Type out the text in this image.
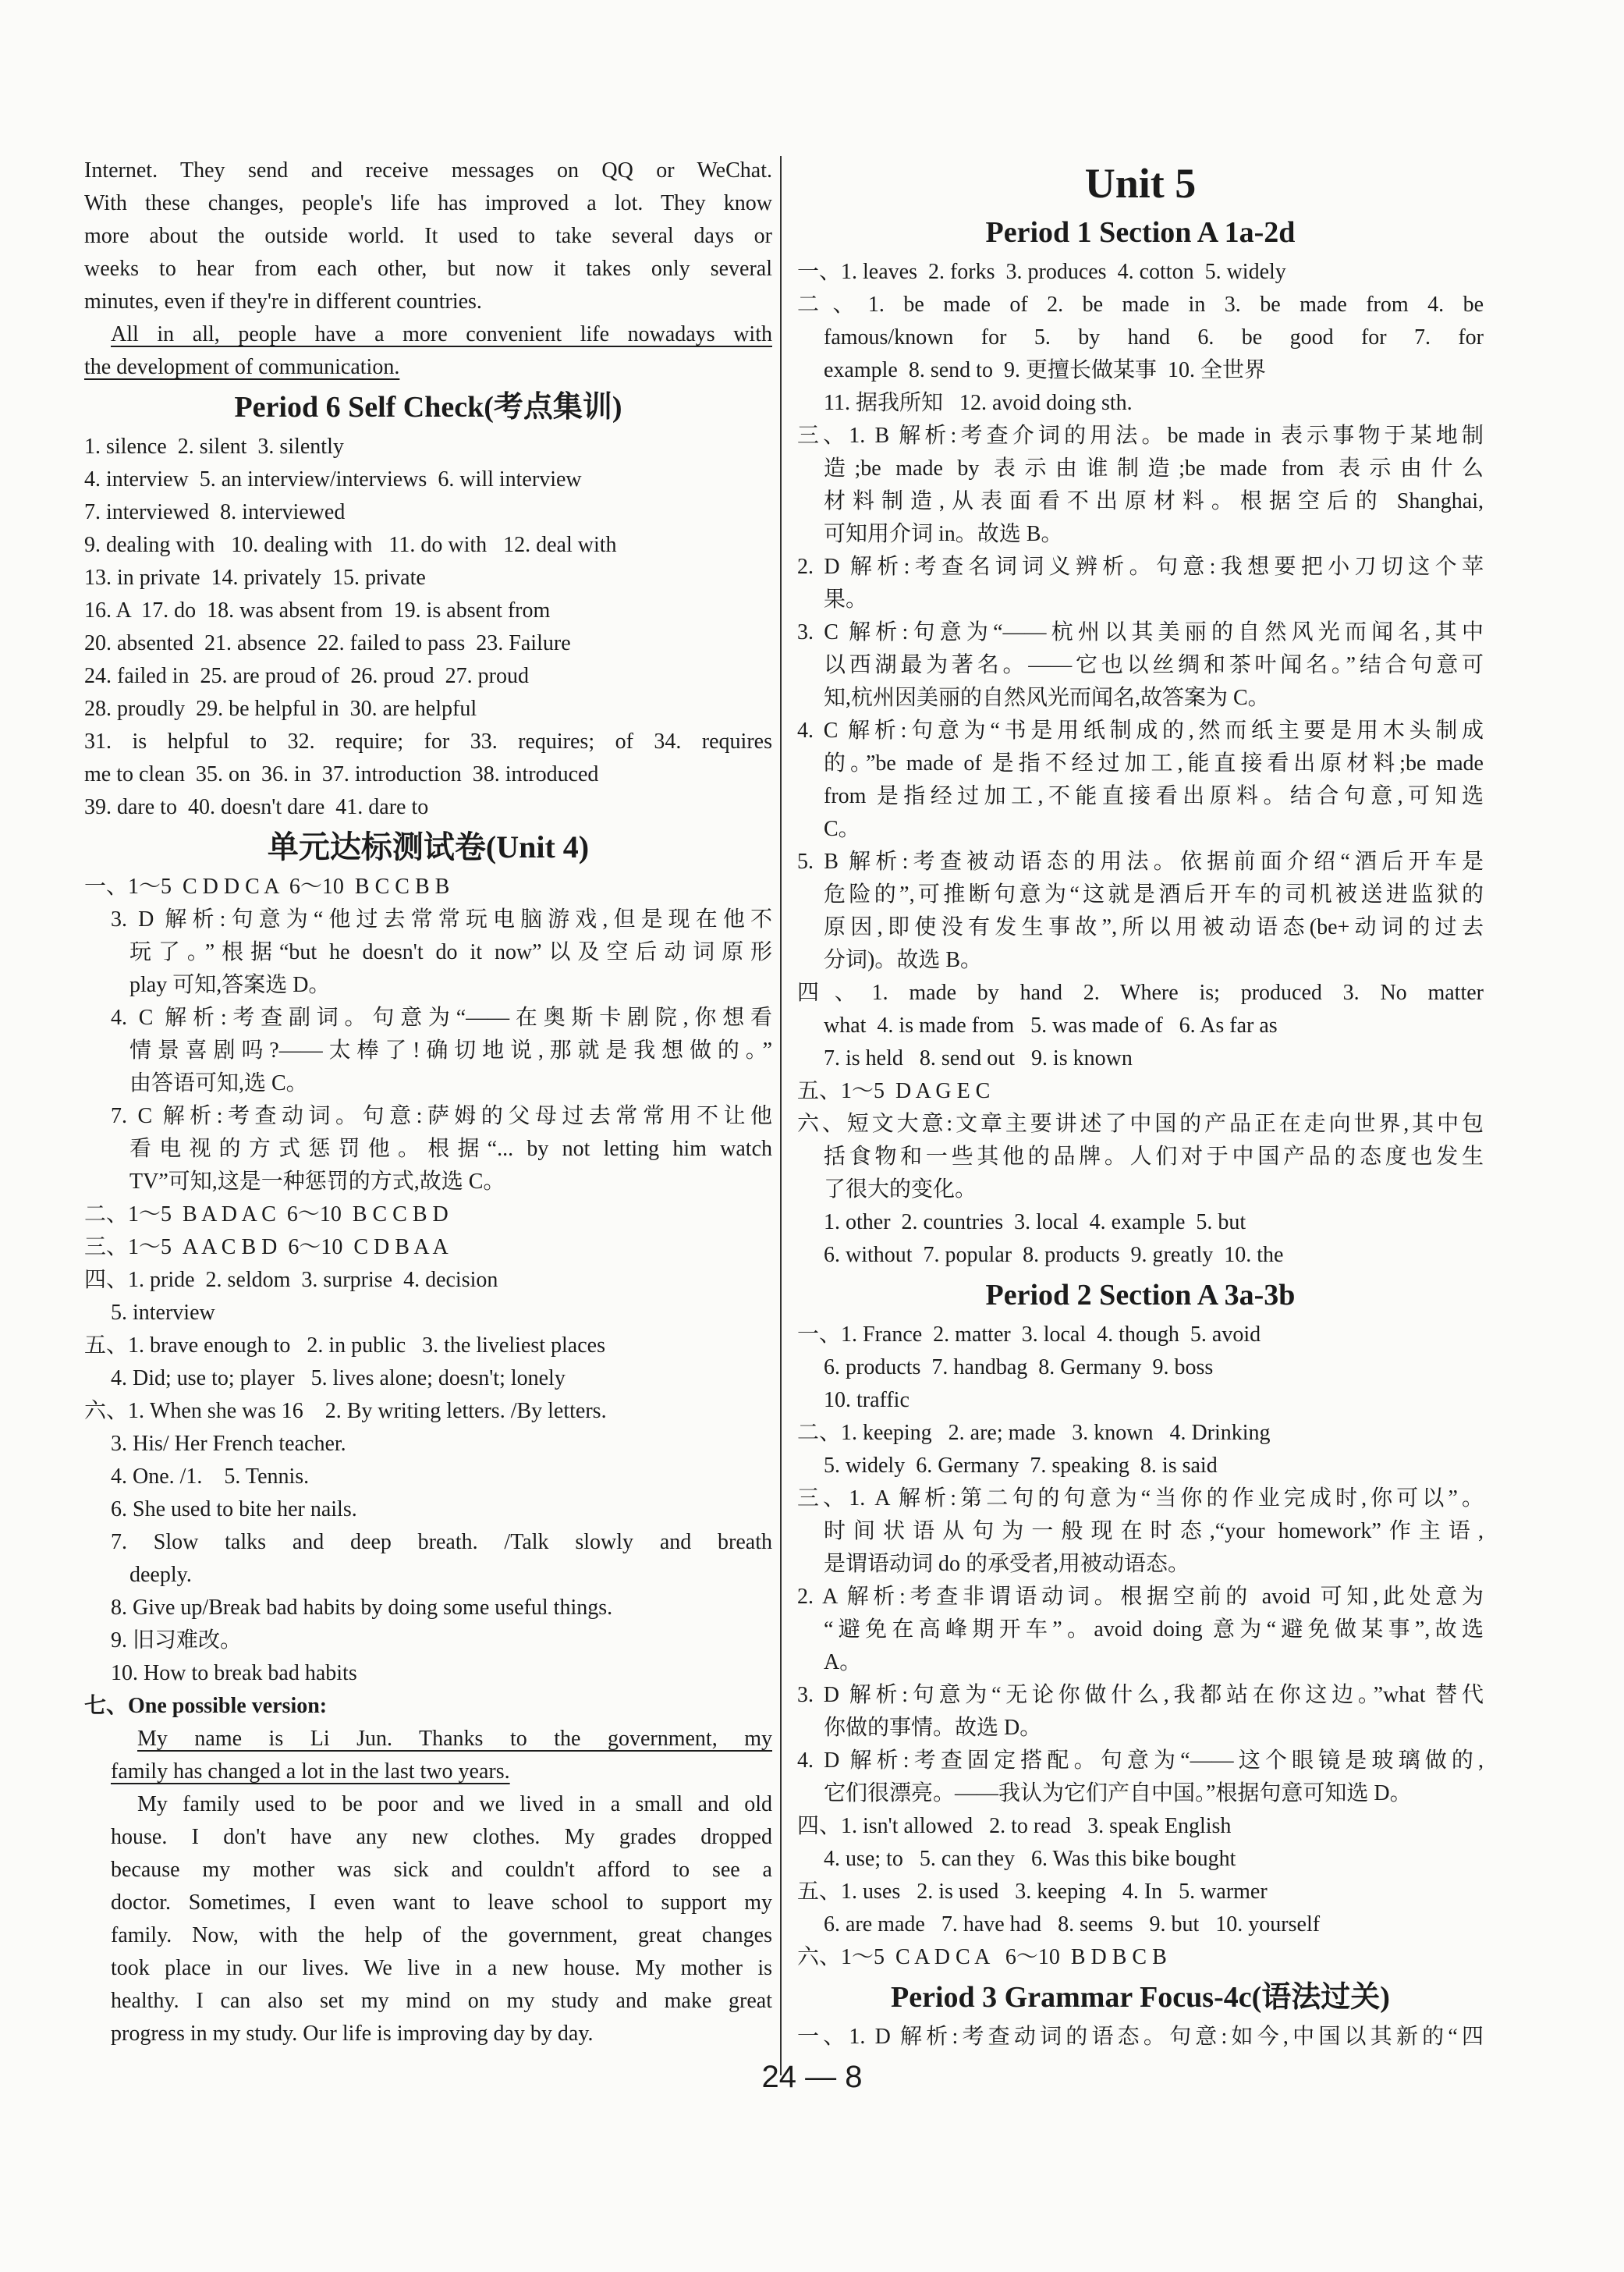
Internet. They send and receive messages on QQ or WeChat.
With these changes, people's life has improved a lot. They know
more about the outside world. It used to take several days or
weeks to hear from each other, but now it takes only several
minutes, even if they're in different countries.
All in all, people have a more convenient life nowadays with
the development of communication.
Period 6 Self Check(考点集训)
1. silence  2. silent  3. silently
4. interview  5. an interview/interviews  6. will interview
7. interviewed  8. interviewed
9. dealing with   10. dealing with   11. do with   12. deal with
13. in private  14. privately  15. private
16. A  17. do  18. was absent from  19. is absent from
20. absented  21. absence  22. failed to pass  23. Failure
24. failed in  25. are proud of  26. proud  27. proud
28. proudly  29. be helpful in  30. are helpful
31. is helpful to 32. require; for 33. requires; of 34. requires
me to clean  35. on  36. in  37. introduction  38. introduced
39. dare to  40. doesn't dare  41. dare to
单元达标测试卷(Unit 4)
一、1～5  C D D C A  6～10  B C C B B
3. D 解析:句意为“他过去常常玩电脑游戏,但是现在他不
玩了。”根据“but he doesn't do it now”以及空后动词原形
play 可知,答案选 D。
4. C 解析:考查副词。句意为“——在奥斯卡剧院,你想看
情景喜剧吗?——太棒了!确切地说,那就是我想做的。”
由答语可知,选 C。
7. C 解析:考查动词。句意:萨姆的父母过去常常用不让他
看电视的方式惩罚他。根据“... by not letting him watch
TV”可知,这是一种惩罚的方式,故选 C。
二、1～5  B A D A C  6～10  B C C B D
三、1～5  A A C B D  6～10  C D B A A
四、1. pride  2. seldom  3. surprise  4. decision
5. interview
五、1. brave enough to   2. in public   3. the liveliest places
4. Did; use to; player   5. lives alone; doesn't; lonely
六、1. When she was 16    2. By writing letters. /By letters.
3. His/ Her French teacher.
4. One. /1.    5. Tennis.
6. She used to bite her nails.
7. Slow talks and deep breath. /Talk slowly and breath
deeply.
8. Give up/Break bad habits by doing some useful things.
9. 旧习难改。
10. How to break bad habits
七、One possible version:
My name is Li Jun. Thanks to the government, my
family has changed a lot in the last two years.
My family used to be poor and we lived in a small and old
house. I don't have any new clothes. My grades dropped
because my mother was sick and couldn't afford to see a
doctor. Sometimes, I even want to leave school to support my
family. Now, with the help of the government, great changes
took place in our lives. We live in a new house. My mother is
healthy. I can also set my mind on my study and make great
progress in my study. Our life is improving day by day.
Unit 5
Period 1 Section A 1a-2d
一、1. leaves  2. forks  3. produces  4. cotton  5. widely
二、1. be made of 2. be made in 3. be made from 4. be
famous/known for 5. by hand 6. be good for 7. for
example  8. send to  9. 更擅长做某事  10. 全世界
11. 据我所知   12. avoid doing sth.
三、1. B 解析:考查介词的用法。be made in 表示事物于某地制
造;be made by 表示由谁制造;be made from 表示由什么
材料制造,从表面看不出原材料。根据空后的 Shanghai,
可知用介词 in。故选 B。
2. D 解析:考查名词词义辨析。句意:我想要把小刀切这个苹
果。
3. C 解析:句意为“——杭州以其美丽的自然风光而闻名,其中
以西湖最为著名。——它也以丝绸和茶叶闻名。”结合句意可
知,杭州因美丽的自然风光而闻名,故答案为 C。
4. C 解析:句意为“书是用纸制成的,然而纸主要是用木头制成
的。”be made of 是指不经过加工,能直接看出原材料;be made
from 是指经过加工,不能直接看出原料。结合句意,可知选
C。
5. B 解析:考查被动语态的用法。依据前面介绍“酒后开车是
危险的”,可推断句意为“这就是酒后开车的司机被送进监狱的
原因,即使没有发生事故”,所以用被动语态(be+动词的过去
分词)。故选 B。
四、1. made by hand 2. Where is; produced 3. No matter
what  4. is made from   5. was made of   6. As far as
7. is held   8. send out   9. is known
五、1～5  D A G E C
六、短文大意:文章主要讲述了中国的产品正在走向世界,其中包
括食物和一些其他的品牌。人们对于中国产品的态度也发生
了很大的变化。
1. other  2. countries  3. local  4. example  5. but
6. without  7. popular  8. products  9. greatly  10. the
Period 2 Section A 3a-3b
一、1. France  2. matter  3. local  4. though  5. avoid
6. products  7. handbag  8. Germany  9. boss
10. traffic
二、1. keeping   2. are; made   3. known   4. Drinking
5. widely  6. Germany  7. speaking  8. is said
三、1. A 解析:第二句的句意为“当你的作业完成时,你可以”。
时间状语从句为一般现在时态,“your homework”作主语,
是谓语动词 do 的承受者,用被动语态。
2. A 解析:考查非谓语动词。根据空前的 avoid 可知,此处意为
“避免在高峰期开车”。avoid doing 意为“避免做某事”,故选
A。
3. D 解析:句意为“无论你做什么,我都站在你这边。”what 替代
你做的事情。故选 D。
4. D 解析:考查固定搭配。句意为“——这个眼镜是玻璃做的,
它们很漂亮。——我认为它们产自中国。”根据句意可知选 D。
四、1. isn't allowed   2. to read   3. speak English
4. use; to   5. can they   6. Was this bike bought
五、1. uses   2. is used   3. keeping   4. In   5. warmer
6. are made   7. have had   8. seems   9. but   10. yourself
六、1～5  C A D C A   6～10  B D B C B
Period 3 Grammar Focus-4c(语法过关)
一、1. D 解析:考查动词的语态。句意:如今,中国以其新的“四
24 — 8
